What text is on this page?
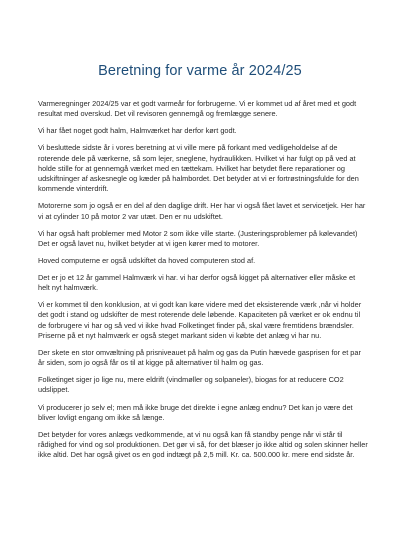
Beretning for varme år 2024/25

Varmeregninger 2024/25 var et godt varmeår for forbrugerne. Vi er kommet ud af året med et godt resultat med overskud. Det vil revisoren gennemgå og fremlægge senere.

Vi har fået noget godt halm, Halmværket har derfor kørt godt.

Vi besluttede sidste år i vores beretning at vi ville mere på forkant med vedligeholdelse af de roterende dele på værkerne, så som lejer, sneglene, hydraulikken. Hvilket vi har fulgt op på ved at holde stille for at gennemgå værket med en tættekam. Hvilket har betydet flere reparationer og udskiftninger af askesnegle og kæder på halmbordet. Det betyder at vi er fortrøstningsfulde for den kommende vinterdrift.

Motorerne som jo også er en del af den daglige drift. Her har vi også fået lavet et servicetjek. Her har vi at cylinder 10 på motor 2 var utæt. Den er nu udskiftet.

Vi har også haft problemer med Motor 2 som ikke ville starte. (Justeringsproblemer på kølevandet) Det er også lavet nu, hvilket betyder at vi igen kører med to motorer.

Hoved computerne er også udskiftet da hoved computeren stod af.

Det er jo et 12 år gammel Halmværk vi har. vi har derfor også kigget på alternativer eller måske et helt nyt halmværk.

Vi er kommet til den konklusion, at vi godt kan køre videre med det eksisterende værk ,når vi holder det godt i stand og udskifter de mest roterende dele løbende. Kapaciteten på værket er ok endnu til de forbrugere vi har og så ved vi ikke hvad Folketinget finder på, skal være fremtidens brændsler. Priserne på et nyt halmværk er også steget markant siden vi købte det anlæg vi har nu.

Der skete en stor omvæltning på prisniveauet på halm og gas da Putin hævede gasprisen for et par år siden, som jo også får os til at kigge på alternativer til halm og gas.

Folketinget siger jo lige nu, mere eldrift (vindmøller og solpaneler), biogas for at reducere CO2 udslippet.

Vi producerer jo selv el; men må ikke bruge det direkte i egne anlæg endnu? Det kan jo være det bliver lovligt engang om ikke så længe.

Det betyder for vores anlægs vedkommende, at vi nu også kan få standby penge når vi står til rådighed for vind og sol produktionen. Det gør vi så, for det blæser jo ikke altid og solen skinner heller ikke altid. Det har også givet os en god indtægt på 2,5 mill. Kr. ca. 500.000 kr. mere end sidste år.
